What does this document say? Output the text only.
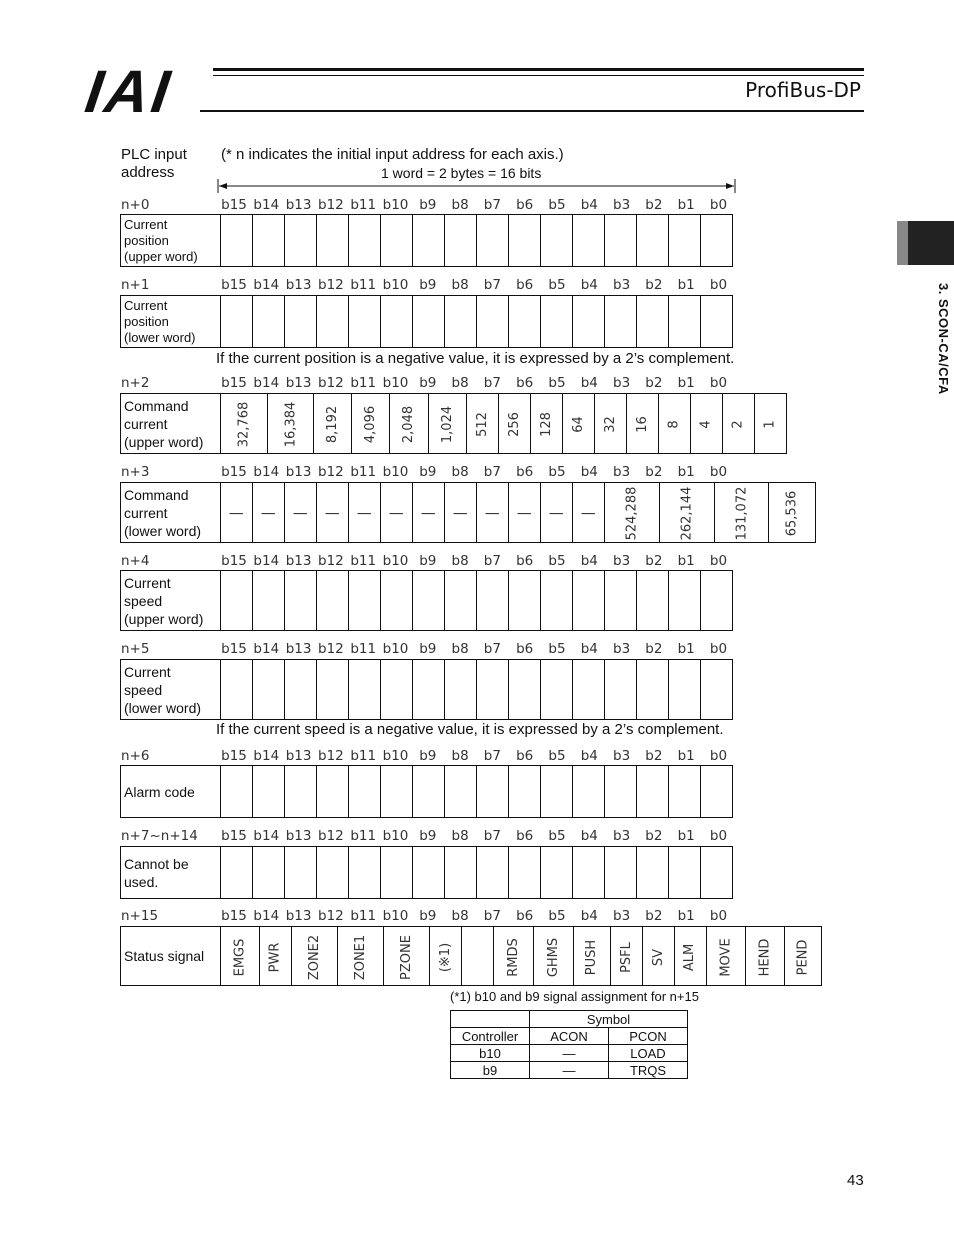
IAI	ProfiBus-DP
3. SCON-CA/CFA
PLC input
address
(* n indicates the initial input address for each axis.)
1 word = 2 bytes = 16 bits
n+0	b15 b14 b13 b12 b11 b10 b9	b8	b7	b6	b5	b4	b3	b2	b1	b0
Current
position
(upper word)

n+1	b15 b14 b13 b12 b11 b10 b9	b8	b7	b6	b5	b4	b3	b2	b1	b0
Current
position
(lower word)

n+2	b15 b14 b13 b12 b11 b10 b9	b8	b7	b6	b5	b4	b3	b2	b1	b0
Command
current
(upper word)	32,768	16,384	8,192	4,096	2,048	1,024	512	256	128	64	32	16	8	4	2	1
n+3	b15 b14 b13 b12 b11 b10 b9	b8	b7	b6	b5	b4	b3	b2	b1	b0
Command
current
(lower word)
	|	|	|	|	|	|	|	|	|	|	|	|	524,288	262,144	131,072	65,536
n+4	b15 b14 b13 b12 b11 b10 b9	b8	b7	b6	b5	b4	b3	b2	b1	b0
Current
speed
(upper word)

n+5	b15 b14 b13 b12 b11 b10 b9	b8	b7	b6	b5	b4	b3	b2	b1	b0
Current
speed
(lower word)

n+6	b15 b14 b13 b12 b11 b10 b9	b8	b7	b6	b5	b4	b3	b2	b1	b0
Alarm code

n+7~n+14 b15 b14 b13 b12 b11 b10 b9	b8	b7	b6	b5	b4	b3	b2	b1	b0
Cannot be
used.

n+15	b15 b14 b13 b12 b11 b10 b9	b8	b7	b6	b5	b4	b3	b2	b1	b0
Status signal	EMGS	PWR	ZONE2	ZONE1	PZONE	(※1)		RMDS	GHMS	PUSH	PSFL	SV	ALM	MOVE	HEND	PEND
If the current position is a negative value, it is expressed by a 2’s complement.
If the current speed is a negative value, it is expressed by a 2’s complement.
(*1) b10 and b9 signal assignment for n+15
	Symbol	
Controller	ACON	PCON
b10	—	LOAD
b9	—	TRQS
43
